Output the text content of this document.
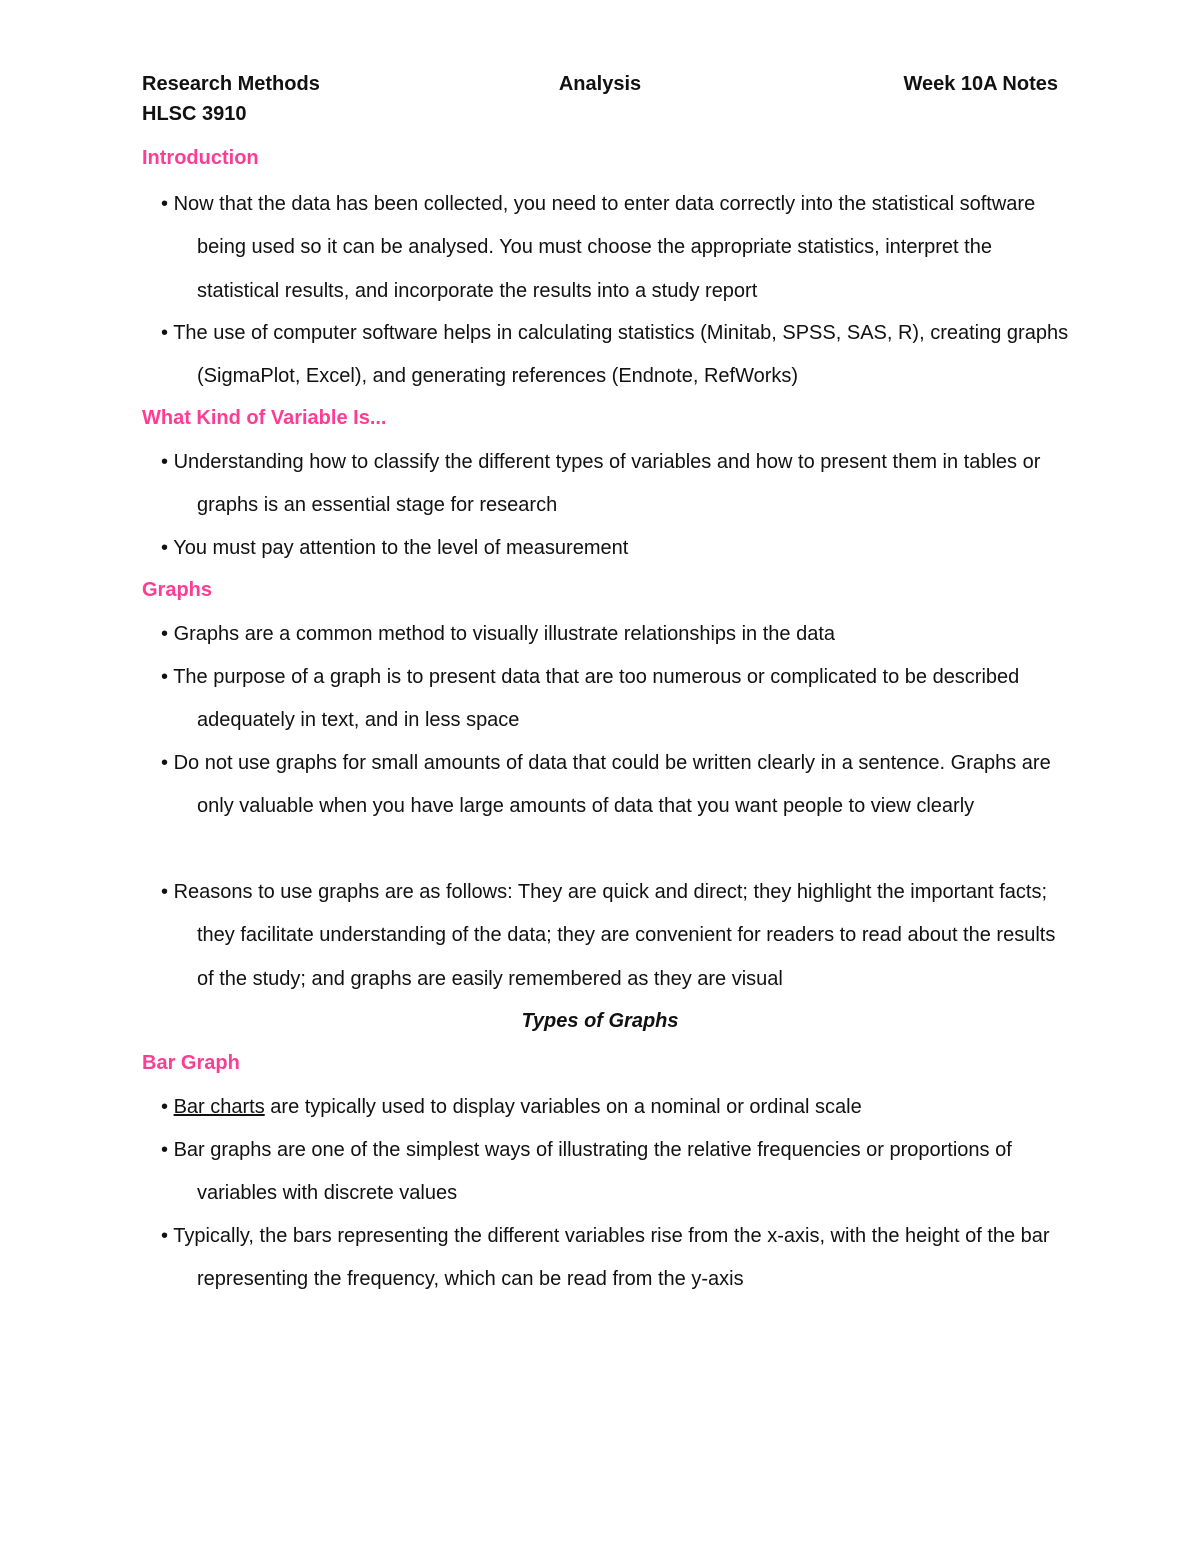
Research Methods	Analysis	Week 10A Notes
HLSC 3910
Introduction
• Now that the data has been collected, you need to enter data correctly into the statistical software being used so it can be analysed. You must choose the appropriate statistics, interpret the statistical results, and incorporate the results into a study report
• The use of computer software helps in calculating statistics (Minitab, SPSS, SAS, R), creating graphs (SigmaPlot, Excel), and generating references (Endnote, RefWorks)
What Kind of Variable Is...
• Understanding how to classify the different types of variables and how to present them in tables or graphs is an essential stage for research
• You must pay attention to the level of measurement
Graphs
• Graphs are a common method to visually illustrate relationships in the data
• The purpose of a graph is to present data that are too numerous or complicated to be described adequately in text, and in less space
• Do not use graphs for small amounts of data that could be written clearly in a sentence. Graphs are only valuable when you have large amounts of data that you want people to view clearly
• Reasons to use graphs are as follows: They are quick and direct; they highlight the important facts; they facilitate understanding of the data; they are convenient for readers to read about the results of the study; and graphs are easily remembered as they are visual
Types of Graphs
Bar Graph
• Bar charts are typically used to display variables on a nominal or ordinal scale
• Bar graphs are one of the simplest ways of illustrating the relative frequencies or proportions of variables with discrete values
• Typically, the bars representing the different variables rise from the x-axis, with the height of the bar representing the frequency, which can be read from the y-axis
